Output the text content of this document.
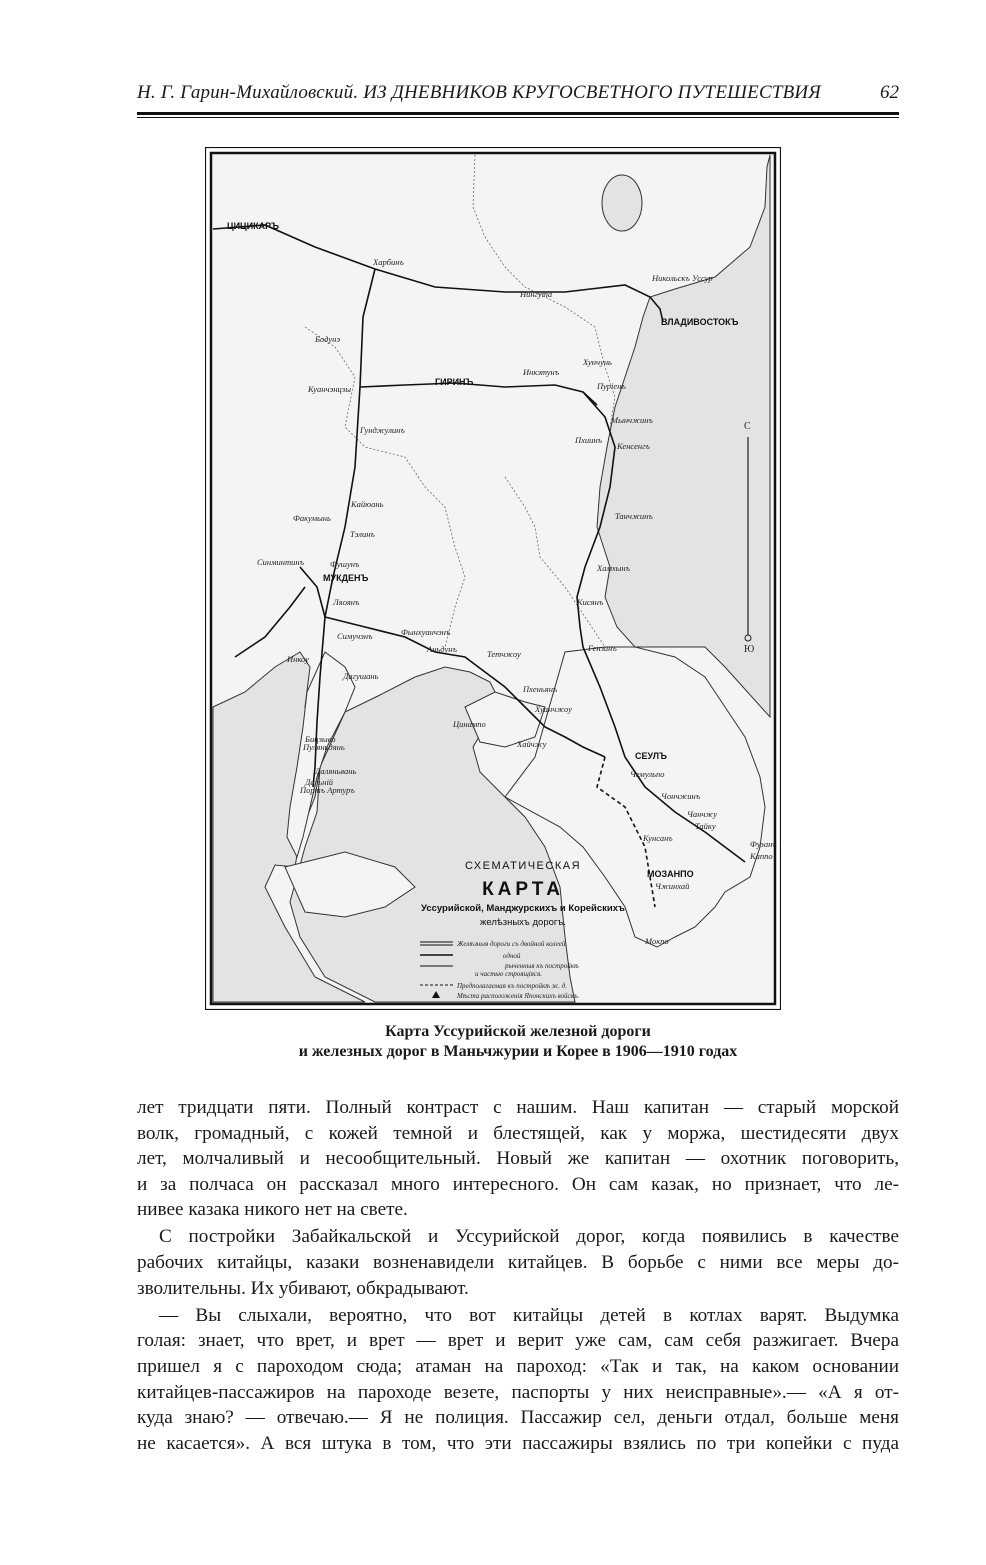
Н. Г. Гарин-Михайловский. ИЗ ДНЕВНИКОВ КРУГОСВЕТНОГО ПУТЕШЕСТВИЯ	62
С
Ю
ЦИЦИКАРЪ
ВЛАДИВОСТОКЪ
ГИРИНЪ
МУКДЕНЪ
СЕУЛЪ
МОЗАНПО
Харбинъ
Нингута
Никольскъ Уссур
Бодунэ
Куанчэнцзы
Инкэтунъ
Хунчунь
Пурiенъ
Мынчжинъ
Пхиинъ
Кенсенгъ
Гунджулинъ
Кайюань
Факумынь
Тэлинъ
Танчжинъ
Синминтинъ	Фушунъ	Хамхынъ
Ляоянъ	Кисянъ
Симучэнъ	Фынхуанчэнъ
Аньдунъ	Гензанъ
Тетчжоу
Инкоу
Пхеньянъ
Дагушань
Цинампо
Хуанчжоу
Бицзыво	Хайчжу
Пуляньдянь
Даляньвань	Чемульпо
Дальнiй
Портъ Артуръ
Чончжинъ
Чанчжу
Тайку
Кунсанъ
Фузанъ
Каппо
Чжинхай
Мокпо
СХЕМАТИЧЕСКАЯ
КАРТА
Уссурийской, Манджурскихъ и Корейскихъ
желѣзныхъ дорогъ.
Желѣзныя дороги съ двойной колеей.
одной
рыченныя къ постройкѣ
и частью строящiяся.
Предполагаемая къ постройкѣ ж. д.
Мѣста расположенiя Японскихъ войскъ.
Карта Уссурийской железной дороги
и железных дорог в Маньчжурии и Корее в 1906—1910 годах
лет тридцати пяти. Полный контраст с нашим. Наш капитан — старый морской
волк, громадный, с кожей темной и блестящей, как у моржа, шестидесяти двух
лет, молчаливый и несообщительный. Новый же капитан — охотник поговорить,
и за полчаса он рассказал много интересного. Он сам казак, но признает, что ле-
нивее казака никого нет на свете.
С постройки Забайкальской и Уссурийской дорог, когда появились в качестве
рабочих китайцы, казаки возненавидели китайцев. В борьбе с ними все меры до-
зволительны. Их убивают, обкрадывают.
— Вы слыхали, вероятно, что вот китайцы детей в котлах варят. Выдумка
голая: знает, что врет, и врет — врет и верит уже сам, сам себя разжигает. Вчера
пришел я с пароходом сюда; атаман на пароход: «Так и так, на каком основании
китайцев-пассажиров на пароходе везете, паспорты у них неисправные».— «А я от-
куда знаю? — отвечаю.— Я не полиция. Пассажир сел, деньги отдал, больше меня
не касается». А вся штука в том, что эти пассажиры взялись по три копейки с пуда
